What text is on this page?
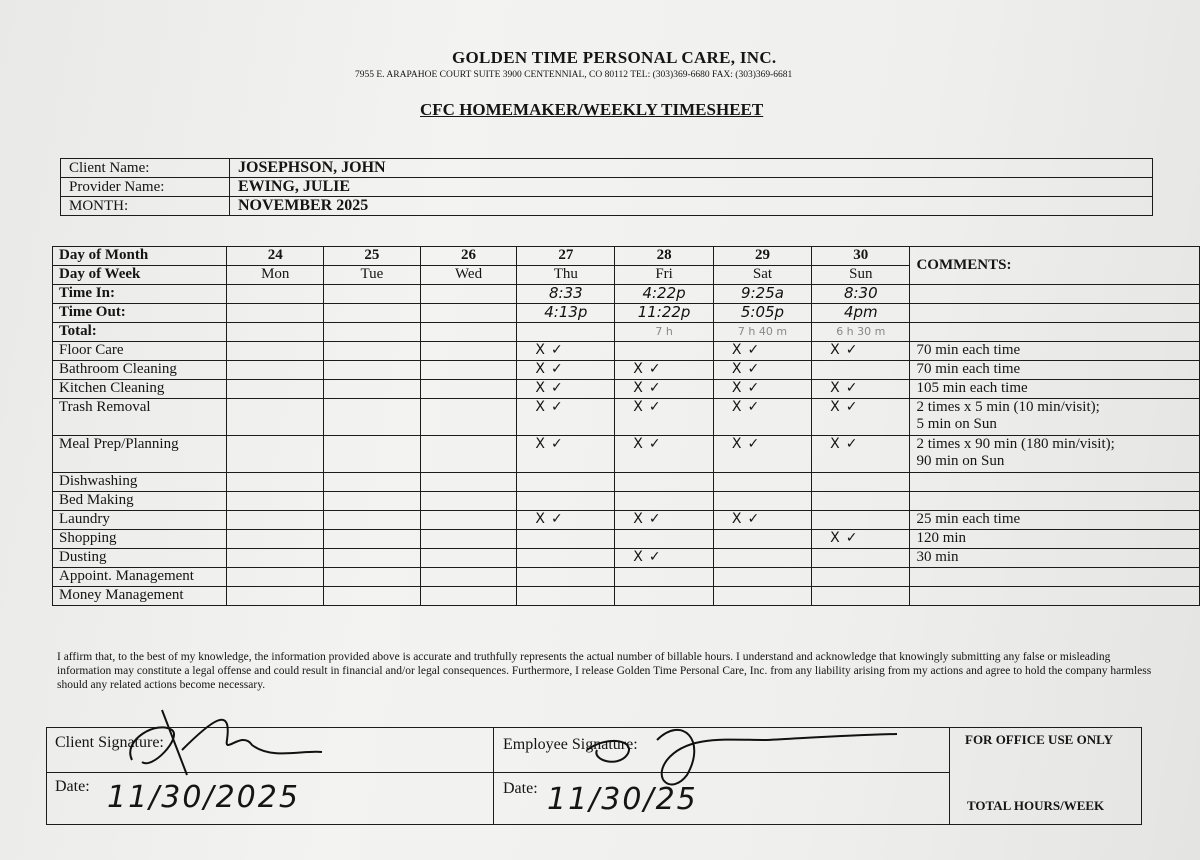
GOLDEN TIME PERSONAL CARE, INC.
7955 E. ARAPAHOE COURT SUITE 3900 CENTENNIAL, CO 80112 TEL: (303)369-6680 FAX: (303)369-6681
CFC HOMEMAKER/WEEKLY TIMESHEET
Client Name:	JOSEPHSON, JOHN
Provider Name:	EWING, JULIE
MONTH:	NOVEMBER 2025
Day of Month	24	25	26	27	28	29	30	COMMENTS:
Day of Week	Mon	Tue	Wed	Thu	Fri	Sat	Sun	
Time In:				8:33	4:22p	9:25a	8:30	
Time Out:				4:13p	11:22p	5:05p	4pm	
Total:					7 h	7 h 40 m	6 h 30 m	
Floor Care				X ✓		X ✓	X ✓	70 min each time

Bathroom Cleaning				X ✓	X ✓	X ✓		70 min each time

Kitchen Cleaning				X ✓	X ✓	X ✓	X ✓	105 min each time

Trash Removal				X ✓	X ✓	X ✓	X ✓	2 times x 5 min (10 min/visit);
5 min on Sun

Meal Prep/Planning				X ✓	X ✓	X ✓	X ✓	2 times x 90 min (180 min/visit);
90 min on Sun

Dishwashing								

Bed Making								

Laundry				X ✓	X ✓	X ✓		25 min each time

Shopping							X ✓	120 min

Dusting					X ✓			30 min

Appoint. Management								

Money Management								
I affirm that, to the best of my knowledge, the information provided above is accurate and truthfully represents the actual number of billable hours. I understand and acknowledge that knowingly submitting any false or misleading information may constitute a legal offense and could result in financial and/or legal consequences. Furthermore, I release Golden Time Personal Care, Inc. from any liability arising from my actions and agree to hold the company harmless should any related actions become necessary.
Client Signature:	Employee Signature:
Date: 11/30/2025	Date: 11/30/25
FOR OFFICE USE ONLY
TOTAL HOURS/WEEK
